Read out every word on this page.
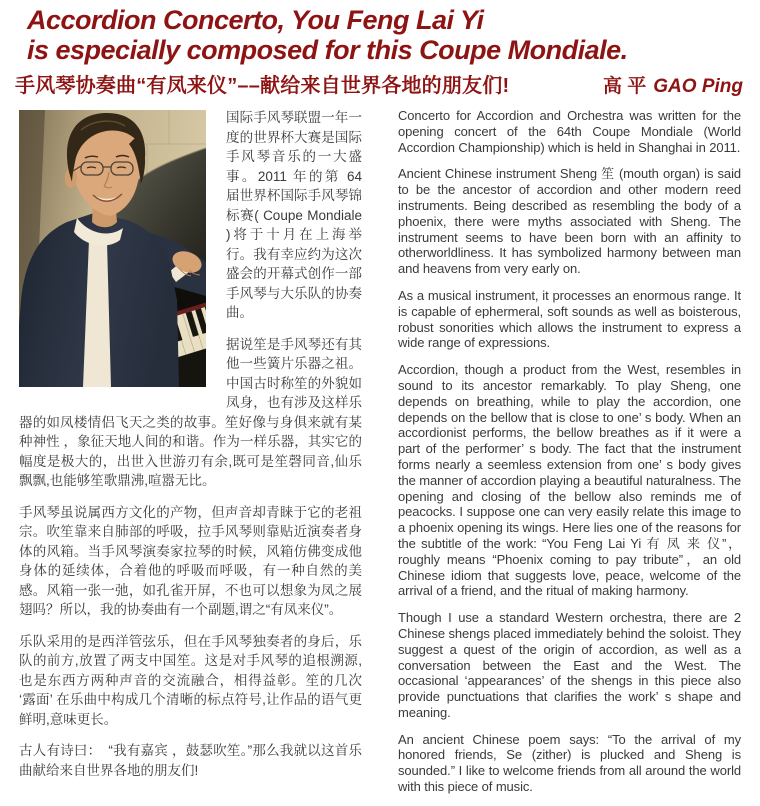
Accordion Concerto, You Feng Lai Yi
is especially composed for this Coupe Mondiale.
手风琴协奏曲“有凤来仪”––献给来自世界各地的朋友们!	高 平 GAO Ping

国际手风琴联盟一年一度的世界杯大赛是国际手风琴音乐的一大盛事。2011 年的第 64 届世界杯国际手风琴锦标赛( Coupe Mondiale )将于十月在上海举行。我有幸应约为这次盛会的开幕式创作一部手风琴与大乐队的协奏曲。

据说笙是手风琴还有其他一些簧片乐器之祖。中国古时称笙的外貌如凤身，也有涉及这样乐器的如凤楼情侣飞天之类的故事。笙好像与身俱来就有某种神性 ，象征天地人间的和谐。作为一样乐器，其实它的幅度是极大的，出世入世游刃有余,既可是笙磬同音,仙乐飘飘,也能够笙歌鼎沸,喧嚣无比。

手风琴虽说属西方文化的产物，但声音却青睐于它的老祖宗。吹笙靠来自肺部的呼吸，拉手风琴则靠贴近演奏者身体的风箱。当手风琴演奏家拉琴的时候，风箱仿佛变成他身体的延续体，合着他的呼吸而呼吸，有一种自然的美感。风箱一张一弛，如孔雀开屏，不也可以想象为凤之展翅吗？所以，我的协奏曲有一个副题,谓之“有凤来仪”。

乐队采用的是西洋管弦乐，但在手风琴独奏者的身后，乐队的前方,放置了两支中国笙。这是对手风琴的追根溯源,也是东西方两种声音的交流融合，相得益彰。笙的几次 ‘露面’ 在乐曲中构成几个清晰的标点符号,让作品的语气更鲜明,意味更长。

古人有诗曰：　“我有嘉宾 ，鼓瑟吹笙。”那么我就以这首乐曲献给来自世界各地的朋友们!

Concerto for Accordion and Orchestra was written for the opening concert of the 64th Coupe Mondiale (World Accordion Championship) which is held in Shanghai in 2011.

Ancient Chinese instrument Sheng 笙 (mouth organ) is said to be the ancestor of accordion and other modern reed instruments. Being described as resembling the body of a phoenix, there were myths associated with Sheng. The instrument seems to have been born with an affinity to otherworldliness. It has symbolized harmony between man and heavens from very early on.

As a musical instrument, it processes an enormous range. It is capable of ephermeral, soft sounds as well as boisterous, robust sonorities which allows the instrument to express a wide range of expressions.

Accordion, though a product from the West, resembles in sound to its ancestor remarkably. To play Sheng, one depends on breathing, while to play the accordion, one depends on the bellow that is close to one’ s body. When an accordionist performs, the bellow breathes as if it were a part of the performer’ s body. The fact that the instrument forms nearly a seemless extension from one’ s body gives the manner of accordion playing a beautiful naturalness. The opening and closing of the bellow also reminds me of peacocks. I suppose one can very easily relate this image to a phoenix opening its wings. Here lies one of the reasons for the subtitle of the work: “You Feng Lai Yi 有 凤 来 仪”，roughly means “Phoenix coming to pay tribute”，an old Chinese idiom that suggests love, peace, welcome of the arrival of a friend, and the ritual of making harmony.

Though I use a standard Western orchestra, there are 2 Chinese shengs placed immediately behind the soloist. They suggest a quest of the origin of accordion, as well as a conversation between the East and the West. The occasional ‘appearances’ of the shengs in this piece also provide punctuations that clarifies the work’ s shape and meaning.

An ancient Chinese poem says: “To the arrival of my honored friends, Se (zither) is plucked and Sheng is sounded.” I like to welcome friends from all around the world with this piece of music.
